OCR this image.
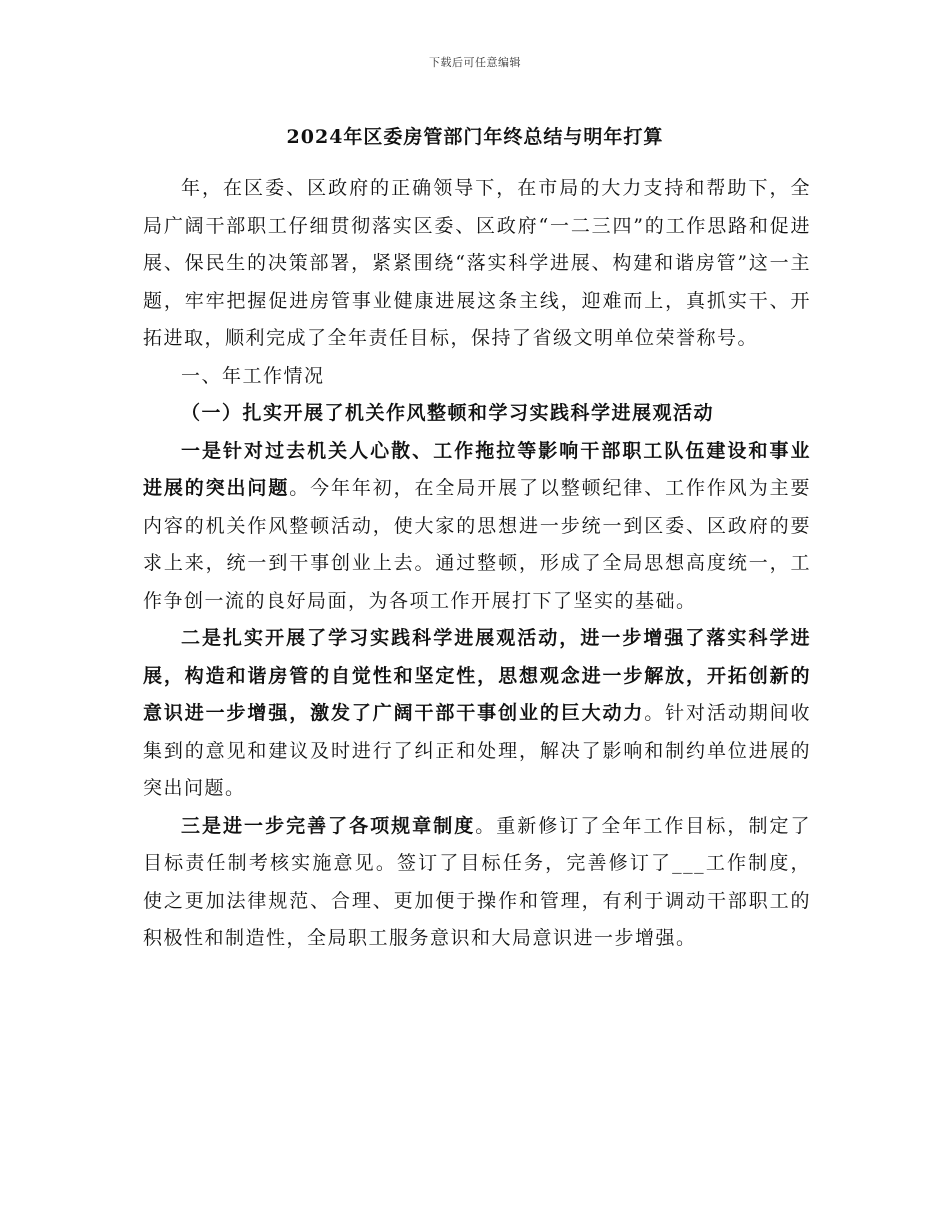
下载后可任意编辑
2024年区委房管部门年终总结与明年打算

年，在区委、区政府的正确领导下，在市局的大力支持和帮助下，全局广阔干部职工仔细贯彻落实区委、区政府“一二三四”的工作思路和促进展、保民生的决策部署，紧紧围绕“落实科学进展、构建和谐房管”这一主题，牢牢把握促进房管事业健康进展这条主线，迎难而上，真抓实干、开拓进取，顺利完成了全年责任目标，保持了省级文明单位荣誉称号。

一、年工作情况

（一）扎实开展了机关作风整顿和学习实践科学进展观活动

一是针对过去机关人心散、工作拖拉等影响干部职工队伍建设和事业进展的突出问题。今年年初，在全局开展了以整顿纪律、工作作风为主要内容的机关作风整顿活动，使大家的思想进一步统一到区委、区政府的要求上来，统一到干事创业上去。通过整顿，形成了全局思想高度统一，工作争创一流的良好局面，为各项工作开展打下了坚实的基础。

二是扎实开展了学习实践科学进展观活动，进一步增强了落实科学进展，构造和谐房管的自觉性和坚定性，思想观念进一步解放，开拓创新的意识进一步增强，激发了广阔干部干事创业的巨大动力。针对活动期间收集到的意见和建议及时进行了纠正和处理，解决了影响和制约单位进展的突出问题。

三是进一步完善了各项规章制度。重新修订了全年工作目标，制定了目标责任制考核实施意见。签订了目标任务，完善修订了___工作制度，使之更加法律规范、合理、更加便于操作和管理，有利于调动干部职工的积极性和制造性，全局职工服务意识和大局意识进一步增强。
